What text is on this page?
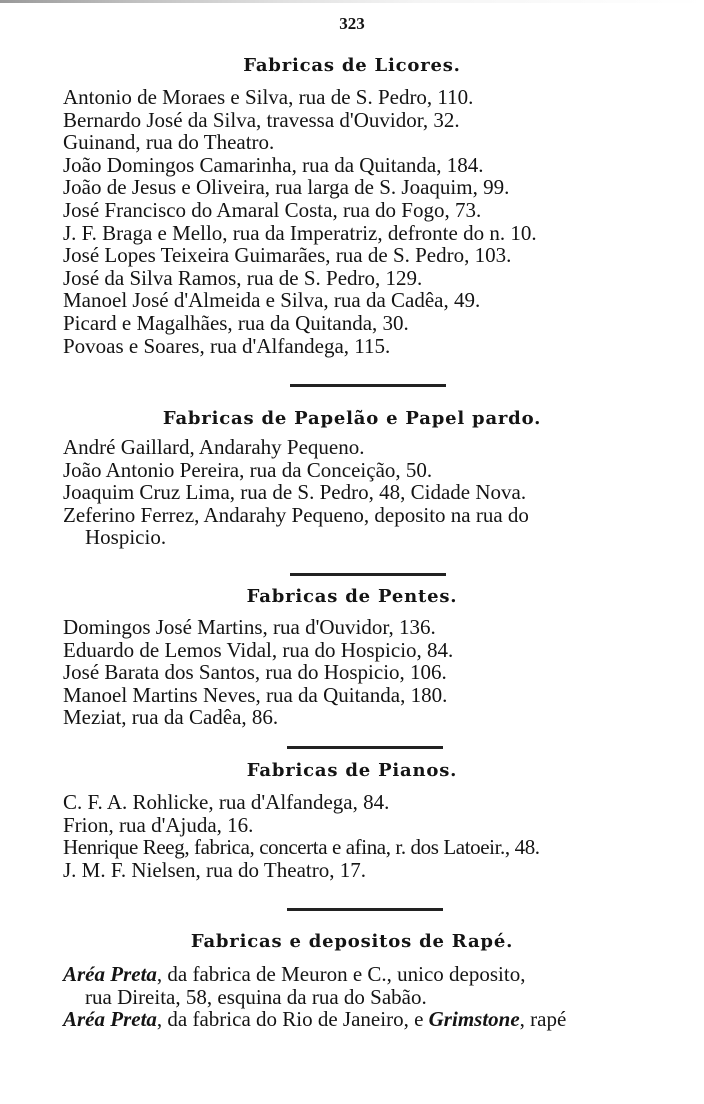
323
Fabricas de Licores.
Antonio de Moraes e Silva, rua de S. Pedro, 110.
Bernardo José da Silva, travessa d'Ouvidor, 32.
Guinand, rua do Theatro.
João Domingos Camarinha, rua da Quitanda, 184.
João de Jesus e Oliveira, rua larga de S. Joaquim, 99.
José Francisco do Amaral Costa, rua do Fogo, 73.
J. F. Braga e Mello, rua da Imperatriz, defronte do n. 10.
José Lopes Teixeira Guimarães, rua de S. Pedro, 103.
José da Silva Ramos, rua de S. Pedro, 129.
Manoel José d'Almeida e Silva, rua da Cadêa, 49.
Picard e Magalhães, rua da Quitanda, 30.
Povoas e Soares, rua d'Alfandega, 115.
Fabricas de Papelão e Papel pardo.
André Gaillard, Andarahy Pequeno.
João Antonio Pereira, rua da Conceição, 50.
Joaquim Cruz Lima, rua de S. Pedro, 48, Cidade Nova.
Zeferino Ferrez, Andarahy Pequeno, deposito na rua do
Hospicio.
Fabricas de Pentes.
Domingos José Martins, rua d'Ouvidor, 136.
Eduardo de Lemos Vidal, rua do Hospicio, 84.
José Barata dos Santos, rua do Hospicio, 106.
Manoel Martins Neves, rua da Quitanda, 180.
Meziat, rua da Cadêa, 86.
Fabricas de Pianos.
C. F. A. Rohlicke, rua d'Alfandega, 84.
Frion, rua d'Ajuda, 16.
Henrique Reeg, fabrica, concerta e afina, r. dos Latoeir., 48.
J. M. F. Nielsen, rua do Theatro, 17.
Fabricas e depositos de Rapé.
Aréa Preta, da fabrica de Meuron e C., unico deposito,
rua Direita, 58, esquina da rua do Sabão.
Aréa Preta, da fabrica do Rio de Janeiro, e Grimstone, rapé
